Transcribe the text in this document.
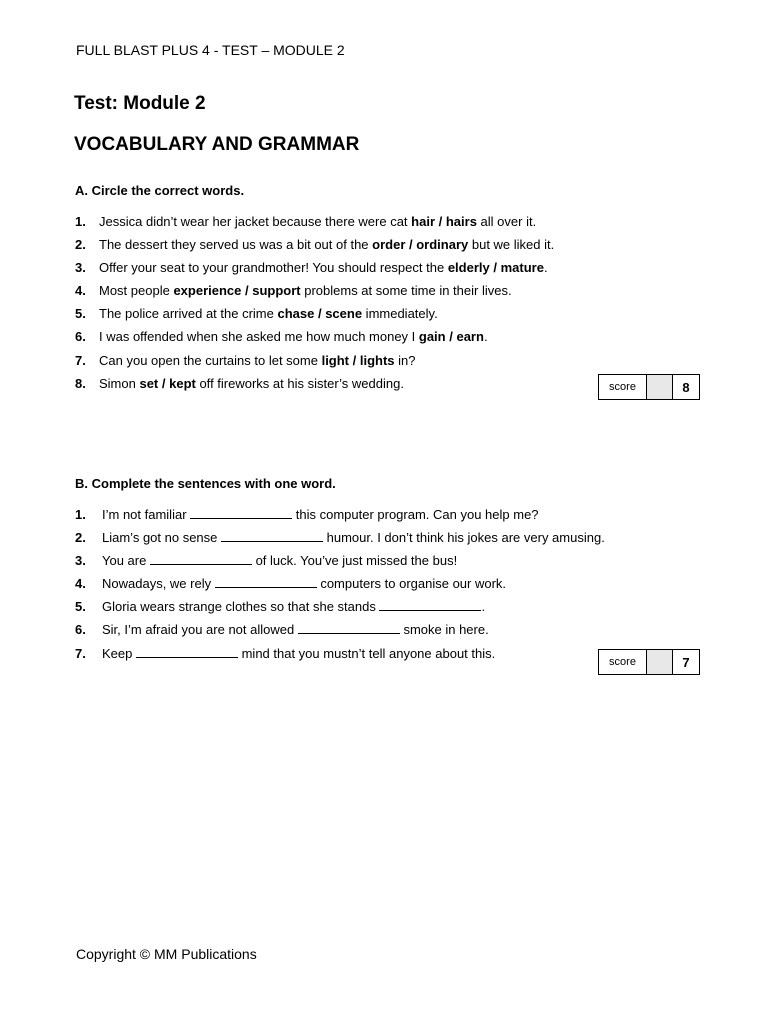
FULL BLAST PLUS 4 - TEST – MODULE 2
Test: Module 2
VOCABULARY AND GRAMMAR
A. Circle the correct words.
1. Jessica didn’t wear her jacket because there were cat hair / hairs all over it.
2. The dessert they served us was a bit out of the order / ordinary but we liked it.
3. Offer your seat to your grandmother! You should respect the elderly / mature.
4. Most people experience / support problems at some time in their lives.
5. The police arrived at the crime chase / scene immediately.
6. I was offended when she asked me how much money I gain / earn.
7. Can you open the curtains to let some light / lights in?
8. Simon set / kept off fireworks at his sister’s wedding.	score	8
B. Complete the sentences with one word.
1. I’m not familiar	this computer program. Can you help me?
2. Liam’s got no sense	humour. I don’t think his jokes are very amusing.
3. You are	of luck. You’ve just missed the bus!
4. Nowadays, we rely	computers to organise our work.
5. Gloria wears strange clothes so that she stands	.
6. Sir, I’m afraid you are not allowed	smoke in here.
7. Keep	mind that you mustn’t tell anyone about this.
score	7
Copyright © MM Publications
